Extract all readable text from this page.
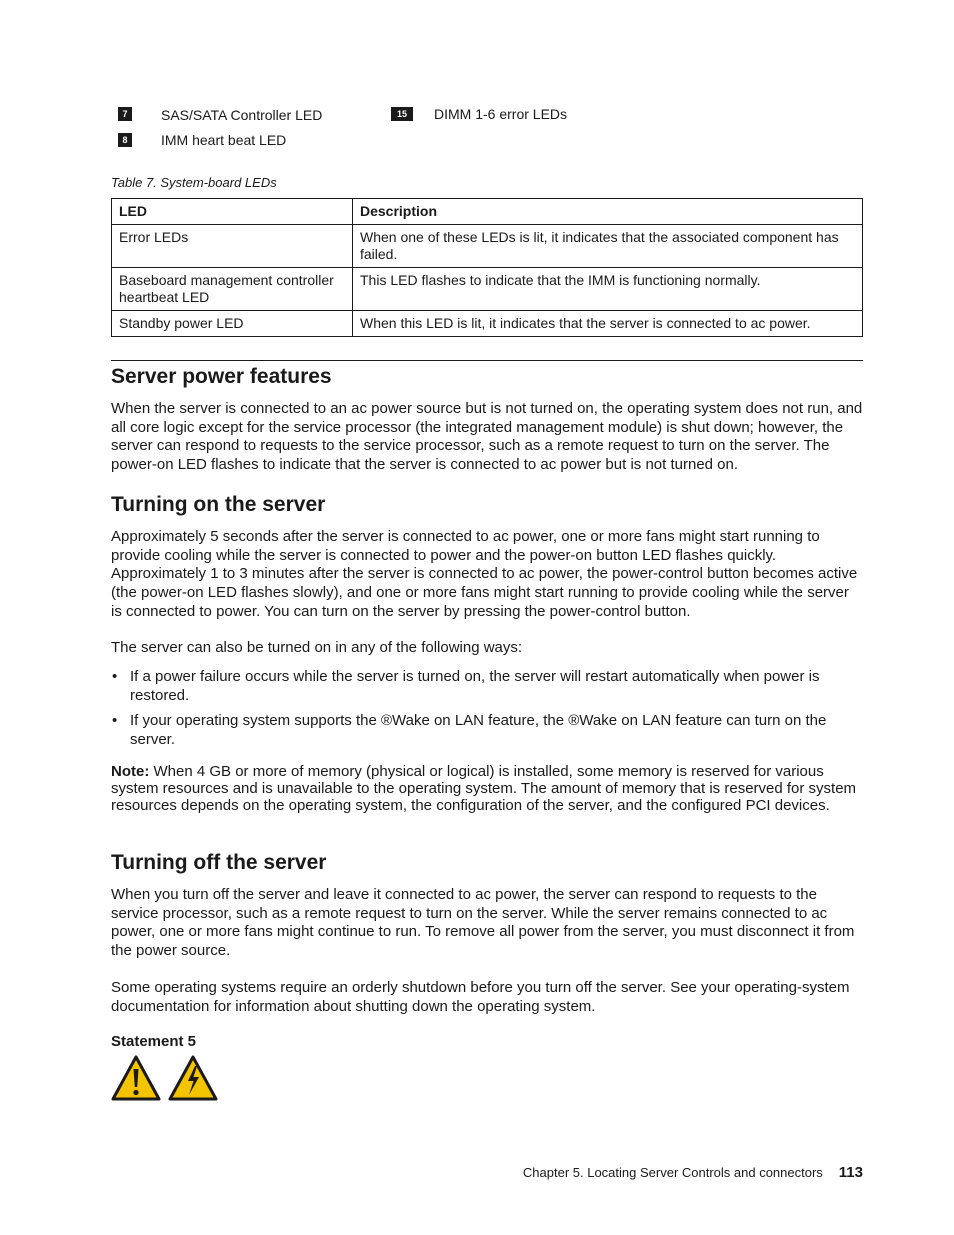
7	SAS/SATA Controller LED
8	IMM heart beat LED
15	DIMM 1-6 error LEDs
Table 7. System-board LEDs
LED	Description
Error LEDs	When one of these LEDs is lit, it indicates that the associated component has failed.
Baseboard management controller heartbeat LED	This LED flashes to indicate that the IMM is functioning normally.
Standby power LED	When this LED is lit, it indicates that the server is connected to ac power.
Server power features

When the server is connected to an ac power source but is not turned on, the operating system does not run, and all core logic except for the service processor (the integrated management module) is shut down; however, the server can respond to requests to the service processor, such as a remote request to turn on the server. The power-on LED flashes to indicate that the server is connected to ac power but is not turned on.

Turning on the server

Approximately 5 seconds after the server is connected to ac power, one or more fans might start running to provide cooling while the server is connected to power and the power-on button LED flashes quickly. Approximately 1 to 3 minutes after the server is connected to ac power, the power-control button becomes active (the power-on LED flashes slowly), and one or more fans might start running to provide cooling while the server is connected to power. You can turn on the server by pressing the power-control button.

The server can also be turned on in any of the following ways:

• If a power failure occurs while the server is turned on, the server will restart automatically when power is restored.
• If your operating system supports the ®Wake on LAN feature, the ®Wake on LAN feature can turn on the server.

Note: When 4 GB or more of memory (physical or logical) is installed, some memory is reserved for various system resources and is unavailable to the operating system. The amount of memory that is reserved for system resources depends on the operating system, the configuration of the server, and the configured PCI devices.

Turning off the server

When you turn off the server and leave it connected to ac power, the server can respond to requests to the service processor, such as a remote request to turn on the server. While the server remains connected to ac power, one or more fans might continue to run. To remove all power from the server, you must disconnect it from the power source.

Some operating systems require an orderly shutdown before you turn off the server. See your operating-system documentation for information about shutting down the operating system.

Statement 5
Chapter 5. Locating Server Controls and connectors 113
